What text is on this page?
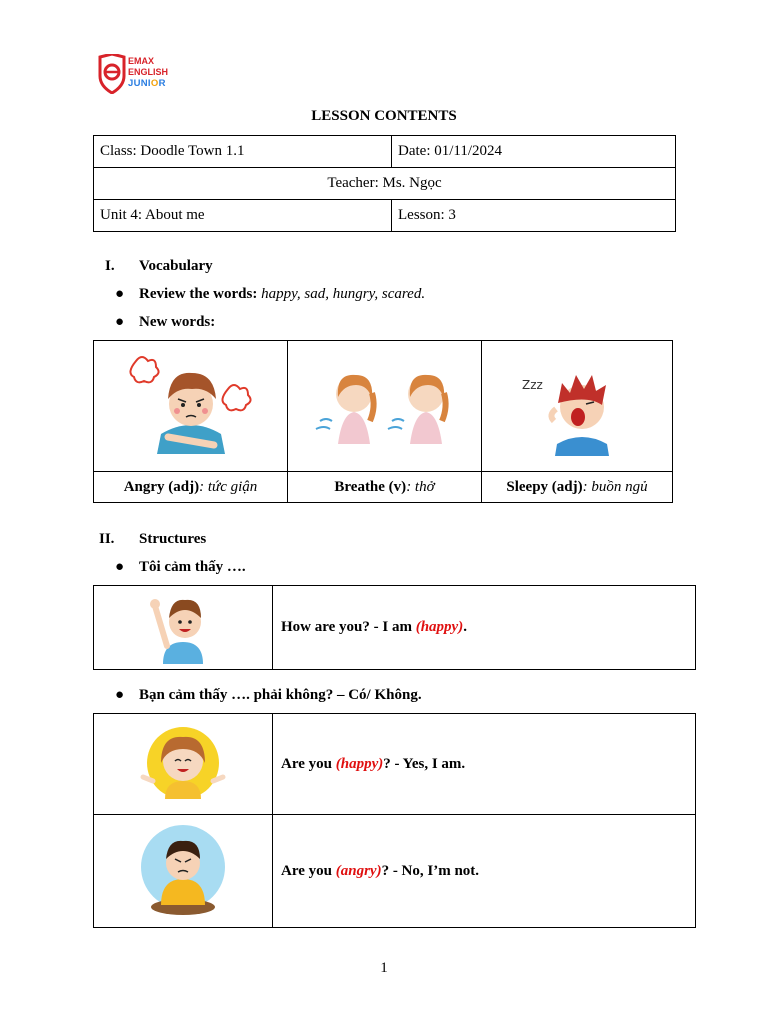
EMAX
ENGLISH
JUNIOR
LESSON CONTENTS
Class: Doodle Town 1.1	Date: 01/11/2024
Teacher: Ms. Ngọc	
Unit 4: About me	Lesson: 3
I. Vocabulary
● Review the words: happy, sad, hungry, scared.
● New words:

Zzz

Angry (adj): tức giận	Breathe (v): thở	Sleepy (adj): buồn ngủ
II. Structures
● Tôi cảm thấy ….
	How are you? - I am (happy).
● Bạn cảm thấy …. phải không? – Có/ Không.
	Are you (happy)? - Yes, I am.
	Are you (angry)? - No, I’m not.
1
